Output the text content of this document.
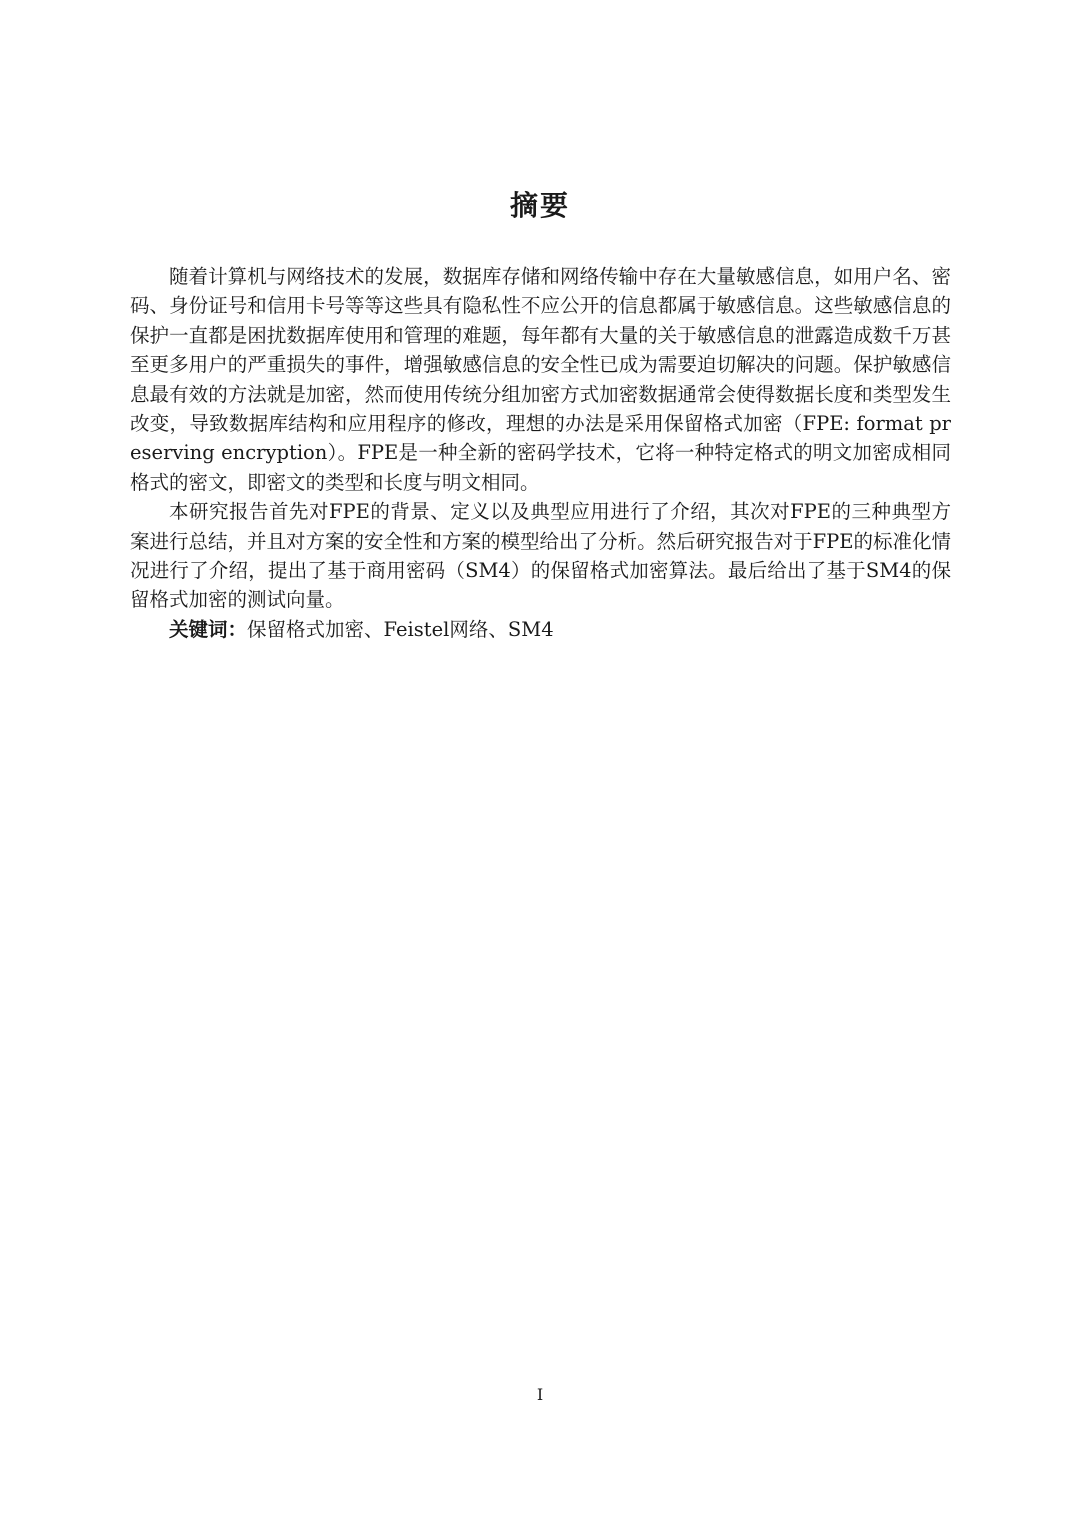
摘要

随着计算机与网络技术的发展，数据库存储和网络传输中存在大量敏感信息，如用户名、密码、身份证号和信用卡号等等这些具有隐私性不应公开的信息都属于敏感信息。这些敏感信息的保护一直都是困扰数据库使用和管理的难题，每年都有大量的关于敏感信息的泄露造成数千万甚至更多用户的严重损失的事件，增强敏感信息的安全性已成为需要迫切解决的问题。保护敏感信息最有效的方法就是加密，然而使用传统分组加密方式加密数据通常会使得数据长度和类型发生改变，导致数据库结构和应用程序的修改，理想的办法是采用保留格式加密（FPE: format preserving encryption）。FPE是一种全新的密码学技术，它将一种特定格式的明文加密成相同格式的密文，即密文的类型和长度与明文相同。

本研究报告首先对FPE的背景、定义以及典型应用进行了介绍，其次对FPE的三种典型方案进行总结，并且对方案的安全性和方案的模型给出了分析。然后研究报告对于FPE的标准化情况进行了介绍，提出了基于商用密码（SM4）的保留格式加密算法。最后给出了基于SM4的保留格式加密的测试向量。

关键词：保留格式加密、Feistel网络、SM4

I
